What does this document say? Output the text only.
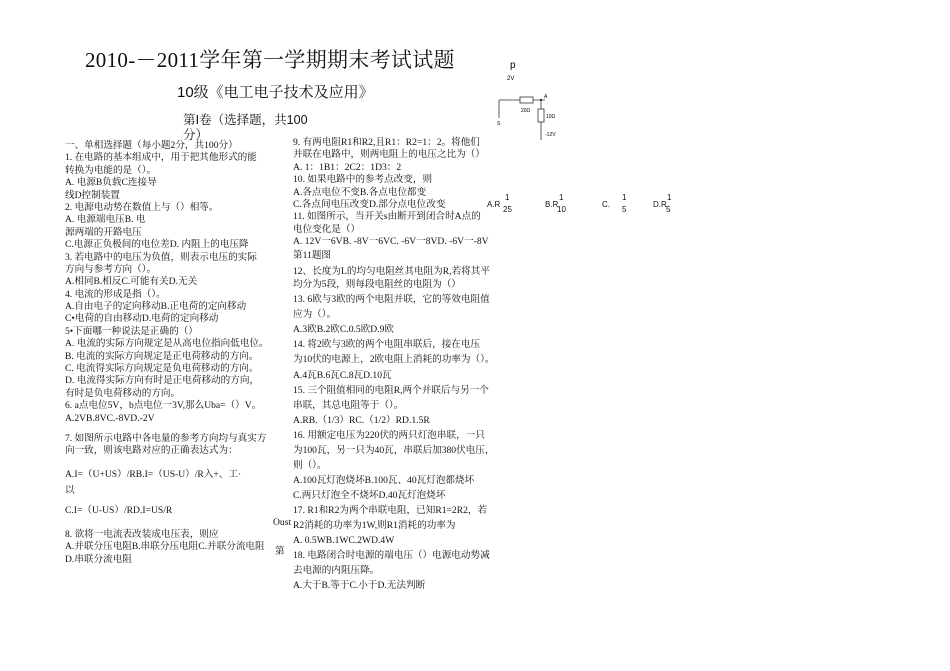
2010-－2011学年第一学期期末考试试题
10级《电工电子技术及应用》
第Ⅰ卷（选择题，共100
分）
一、单相选择题（每小题2分，共100分）
1. 在电路的基本组成中，用于把其他形式的能
转换为电能的是（）。
A. 电源B负载C连接导
线D控制装置
2. 电源电动势在数值上与（）相等。
A. 电源端电压B. 电
源两端的开路电压
C.电源正负极间的电位差D. 内阻上的电压降
3. 若电路中的电压为负值，则表示电压的实际
方向与参考方向（）。
A.相同B.相反C.可能有关D.无关
4. 电流的形成是指（）。
A.自由电子的定向移动B.正电荷的定向移动
C•电荷的自由移动D.电荷的定向移动
5•下面哪一种说法是正确的（）
A. 电流的实际方向规定是从高电位指向低电位。
B. 电流的实际方向规定是正电荷移动的方向。
C. 电流得实际方向规定是负电荷移动的方向。
D. 电流得实际方向有时是正电荷移动的方向，
有时是负电荷移动的方向。
6. a点电位5V，b点电位一3V,那么Uba=（）V。
A.2VB.8VC.-8VD.-2V
7. 如图所示电路中各电量的参考方向均与真实方
向一致，则该电路对应的正确表达式为：
A.I=（U+US）/RB.I=（US-U）/R入+、工·
以
C.I=（U-US）/RD.I=US/R
8. 欲将一电流表改装成电压表，则应
A.并联分压电阻B.串联分压电阻C.并联分流电阻
D.串联分流电阻
9. 有两电阻R1和R2,且R1：R2=1：2。将他们
并联在电路中，则两电阻上的电压之比为（）
A. 1：1B1：2C2：1D3：2
10. 如果电路中的参考点改变，则
A.各点电位不变B.各点电位都变
C.各点间电压改变D.部分点电位改变
11. 如图所示，当开关s由断开到闭合时A点的
电位变化是（）
A. 12V一6VB. -8V一6VC. -6V一8VD. -6V一-8V
第11题图
12、长度为L的均匀电阻丝其电阻为R,若将其平
均分为5段，则每段电阻丝的电阻为（）
13. 6欧与3欧的两个电阻并联，它的等效电阻值
应为（）。
A.3欧B.2欧C.0.5欧D.9欧
14. 将2欧与3欧的两个电阻串联后，接在电压
为10伏的电源上，2欧电阻上消耗的功率为（）。
A.4瓦B.6瓦C.8瓦D.10瓦
15. 三个阻值相同的电阻R,两个并联后与另一个
串联，其总电阻等于（）。
A.RB.（1/3）RC.（1/2）RD.1.5R
16. 用额定电压为220伏的两只灯泡串联，一只
为100瓦，另一只为40瓦，串联后加380伏电压，
则（）。
A.100瓦灯泡烧坏B.100瓦、40瓦灯泡都烧坏
C.两只灯泡全不烧坏D.40瓦灯泡烧坏
17. R1和R2为两个串联电阻，已知R1=2R2，若
R2消耗的功率为1W,则R1消耗的功率为
A. 0.5WB.1WC.2WD.4W
18. 电路闭合时电源的端电压（）电源电动势减
去电源的内阻压降。
A.大于B.等于C.小于D.无法判断
Oust
第
p
2V
20Ω
A
10Ω
-12V
S
A.R
1
25
B.R
1
10
C.
1
5
D.R
1
5
